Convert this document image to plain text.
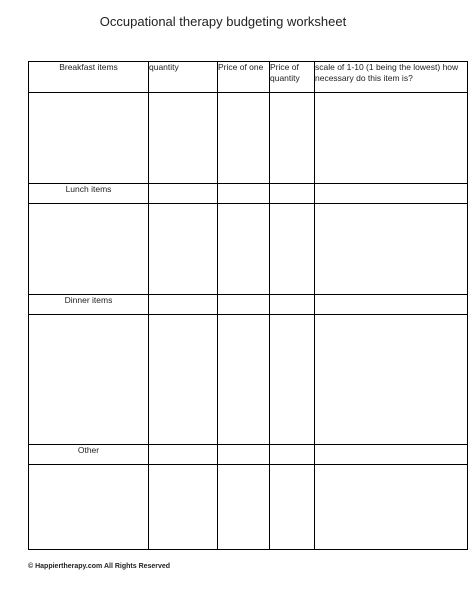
Occupational therapy budgeting worksheet
Breakfast items	quantity	Price of one	Price of quantity	scale of 1-10 (1 being the lowest) how necessary do this item is?

Lunch items				

Dinner items				

Other				

© Happiertherapy.com All Rights Reserved
